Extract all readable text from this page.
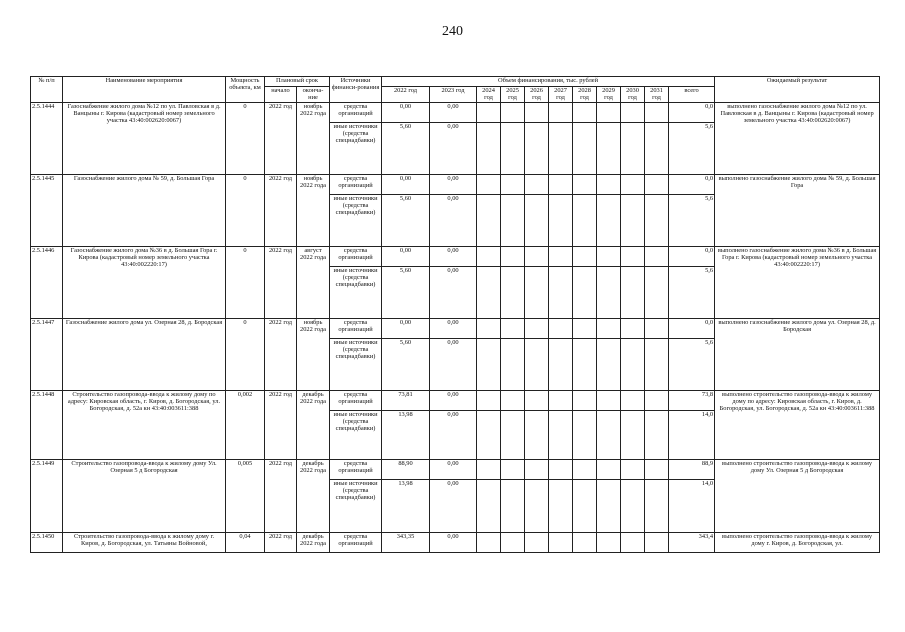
240
№ п/п	Наименование мероприятия	Мощность объекта, км	Плановый срок		Источники финанси-рования	Объем финансирования, тыс. рублей											Ожидаемый результат
			начало	оконча-ние		2022 год	2023 год	2024 год	2025 год	2026 год	2027 год	2028 год	2029 год	2030 год	2031 год	всего	

2.5.1444	Газоснабжение жилого дома №12 по ул. Павловская в д. Ванцыны г. Кирова (кадастровый номер земельного участка 43:40:002620:0067)	0	2022 год	ноябрь 2022 года	средства организаций	0,00	0,00									0,0	выполнено газоснабжение жилого дома №12 по ул. Павловская в д. Ванцыны г. Кирова (кадастровый номер земельного участка 43:40:002620:0067)
					иные источники (средства спецнадбавки)	5,60	0,00									5,6	
2.5.1445	Газоснабжение жилого дома № 59, д. Большая Гора	0	2022 год	ноябрь 2022 года	средства организаций	0,00	0,00									0,0	выполнено газоснабжение жилого дома № 59, д. Большая Гора
					иные источники (средства спецнадбавки)	5,60	0,00									5,6	
2.5.1446	Газоснабжение жилого дома №36 в д. Большая Гора г. Кирова (кадастровый номер земельного участка 43:40:002220:17)	0	2022 год	август 2022 года	средства организаций	0,00	0,00									0,0	выполнено газоснабжение жилого дома №36 в д. Большая Гора г. Кирова (кадастровый номер земельного участка 43:40:002220:17)
					иные источники (средства спецнадбавки)	5,60	0,00									5,6	
2.5.1447	Газоснабжение жилого дома ул. Озерная 28, д. Бородская	0	2022 год	ноябрь 2022 года	средства организаций	0,00	0,00									0,0	выполнено газоснабжение жилого дома ул. Озерная 28, д. Бородская
					иные источники (средства спецнадбавки)	5,60	0,00									5,6	
2.5.1448	Строительство газопровода-ввода к жилому дому по адресу: Кировская область, г. Киров, д. Богородская, ул. Богородская, д. 52а кн 43:40:003611:388	0,002	2022 год	декабрь 2022 года	средства организаций	73,81	0,00									73,8	выполнено строительство газопровода-ввода к жилому дому по адресу: Кировская область, г. Киров, д. Богородская, ул. Богородская, д. 52а кн 43:40:003611:388
					иные источники (средства спецнадбавки)	13,98	0,00									14,0	
2.5.1449	Строительство газопровода-ввода к жилому дому Ул. Озерная 5 д Богородская	0,005	2022 год	декабрь 2022 года	средства организаций	88,90	0,00									88,9	выполнено строительство газопровода-ввода к жилому дому Ул. Озерная 5 д Богородская
					иные источники (средства спецнадбавки)	13,98	0,00									14,0	
2.5.1450	Строительство газопровода-ввода к жилому дому г. Киров, д. Богородская, ул. Татьяны Войновой,	0,04	2022 год	декабрь 2022 года	средства организаций	343,35	0,00									343,4	выполнено строительство газопровода-ввода к жилому дому г. Киров, д. Богородская, ул.
